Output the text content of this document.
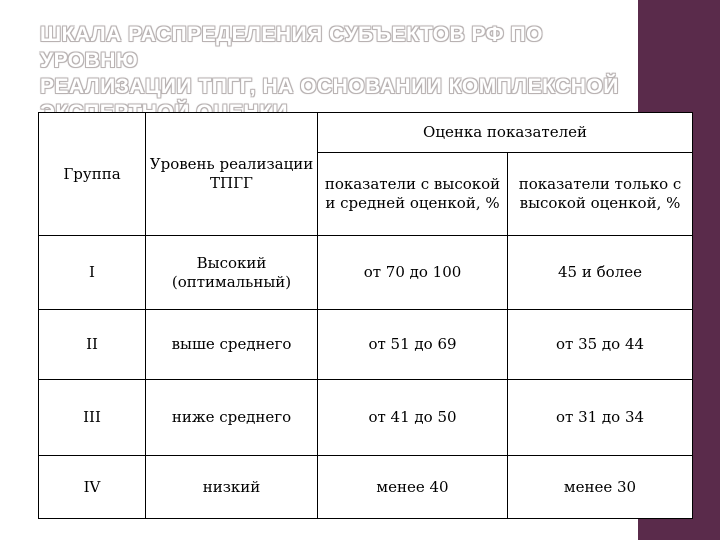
ШКАЛА РАСПРЕДЕЛЕНИЯ СУБЪЕКТОВ РФ ПО УРОВНЮ
РЕАЛИЗАЦИИ ТПГГ, НА ОСНОВАНИИ КОМПЛЕКСНОЙ
Группа	Уровень реализации ТПГГ	Оценка показателей	
		показатели с высокой и средней оценкой, %	показатели только с высокой оценкой, %
I	Высокий (оптимальный)	от 70 до 100	45 и более
II	выше среднего	от 51 до 69	от 35 до 44
III	ниже среднего	от 41 до 50	от 31 до 34
IV	низкий	менее 40	менее 30
